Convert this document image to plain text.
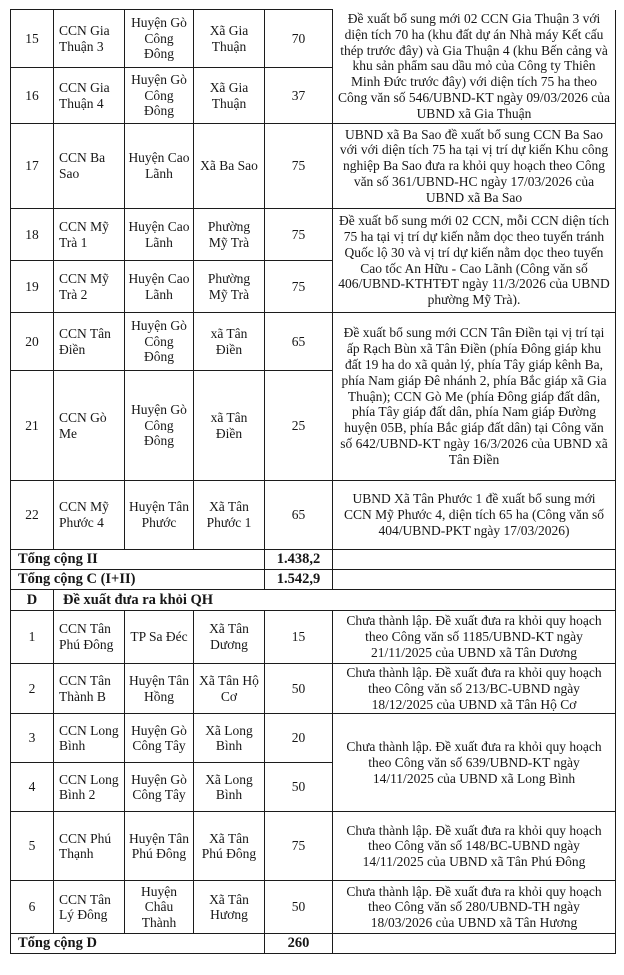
15	CCN Gia Thuận 3	Huyện Gò Công Đông	Xã Gia Thuận	70	Đề xuất bổ sung mới 02 CCN Gia Thuận 3 với diện tích 70 ha (khu đất dự án Nhà máy Kết cấu thép trước đây) và Gia Thuận 4 (khu Bến cảng và khu sản phẩm sau dầu mỏ của Công ty Thiên Minh Đức trước đây) với diện tích 75 ha theo Công văn số 546/UBND-KT ngày 09/03/2026 của UBND xã Gia Thuận
16	CCN Gia Thuận 4	Huyện Gò Công Đông	Xã Gia Thuận	37	
17	CCN Ba Sao	Huyện Cao Lãnh	Xã Ba Sao	75	UBND xã Ba Sao đề xuất bổ sung CCN Ba Sao với với diện tích 75 ha tại vị trí dự kiến Khu công nghiệp Ba Sao đưa ra khỏi quy hoạch theo Công văn số 361/UBND-HC ngày 17/03/2026 của UBND xã Ba Sao
18	CCN Mỹ Trà 1	Huyện Cao Lãnh	Phường Mỹ Trà	75	Đề xuất bổ sung mới 02 CCN, mỗi CCN diện tích 75 ha tại vị trí dự kiến nằm dọc theo tuyến tránh Quốc lộ 30 và vị trí dự kiến nằm dọc theo tuyến Cao tốc An Hữu - Cao Lãnh (Công văn số 406/UBND-KTHTĐT ngày 11/3/2026 của UBND phường Mỹ Trà).
19	CCN Mỹ Trà 2	Huyện Cao Lãnh	Phường Mỹ Trà	75	
20	CCN Tân Điền	Huyện Gò Công Đông	xã Tân Điền	65	Đề xuất bổ sung mới CCN Tân Điền tại vị trí tại ấp Rạch Bùn xã Tân Điền (phía Đông giáp khu đất 19 ha do xã quản lý, phía Tây giáp kênh Ba, phía Nam giáp Đê nhánh 2, phía Bắc giáp xã Gia Thuận); CCN Gò Me (phía Đông giáp đất dân, phía Tây giáp đất dân, phía Nam giáp Đường huyện 05B, phía Bắc giáp đất dân) tại Công văn số 642/UBND-KT ngày 16/3/2026 của UBND xã Tân Điền
21	CCN Gò Me	Huyện Gò Công Đông	xã Tân Điền	25	
22	CCN Mỹ Phước 4	Huyện Tân Phước	Xã Tân Phước 1	65	UBND Xã Tân Phước 1 đề xuất bổ sung mới CCN Mỹ Phước 4, diện tích 65 ha (Công văn số 404/UBND-PKT ngày 17/03/2026)
Tổng cộng II				1.438,2	
Tổng cộng C (I+II)				1.542,9	
D	Đề xuất đưa ra khỏi QH				
1	CCN Tân Phú Đông	TP Sa Đéc	Xã Tân Dương	15	Chưa thành lập. Đề xuất đưa ra khỏi quy hoạch theo Công văn số 1185/UBND-KT ngày 21/11/2025 của UBND xã Tân Dương
2	CCN Tân Thành B	Huyện Tân Hồng	Xã Tân Hộ Cơ	50	Chưa thành lập. Đề xuất đưa ra khỏi quy hoạch theo Công văn số 213/BC-UBND ngày 18/12/2025 của UBND xã Tân Hộ Cơ
3	CCN Long Bình	Huyện Gò Công Tây	Xã Long Bình	20	Chưa thành lập. Đề xuất đưa ra khỏi quy hoạch theo Công văn số 639/UBND-KT ngày 14/11/2025 của UBND xã Long Bình
4	CCN Long Bình 2	Huyện Gò Công Tây	Xã Long Bình	50	
5	CCN Phú Thạnh	Huyện Tân Phú Đông	Xã Tân Phú Đông	75	Chưa thành lập. Đề xuất đưa ra khỏi quy hoạch theo Công văn số 148/BC-UBND ngày 14/11/2025 của UBND xã Tân Phú Đông
6	CCN Tân Lý Đông	Huyện Châu Thành	Xã Tân Hương	50	Chưa thành lập. Đề xuất đưa ra khỏi quy hoạch theo Công văn số 280/UBND-TH ngày 18/03/2026 của UBND xã Tân Hương
Tổng cộng D				260	
